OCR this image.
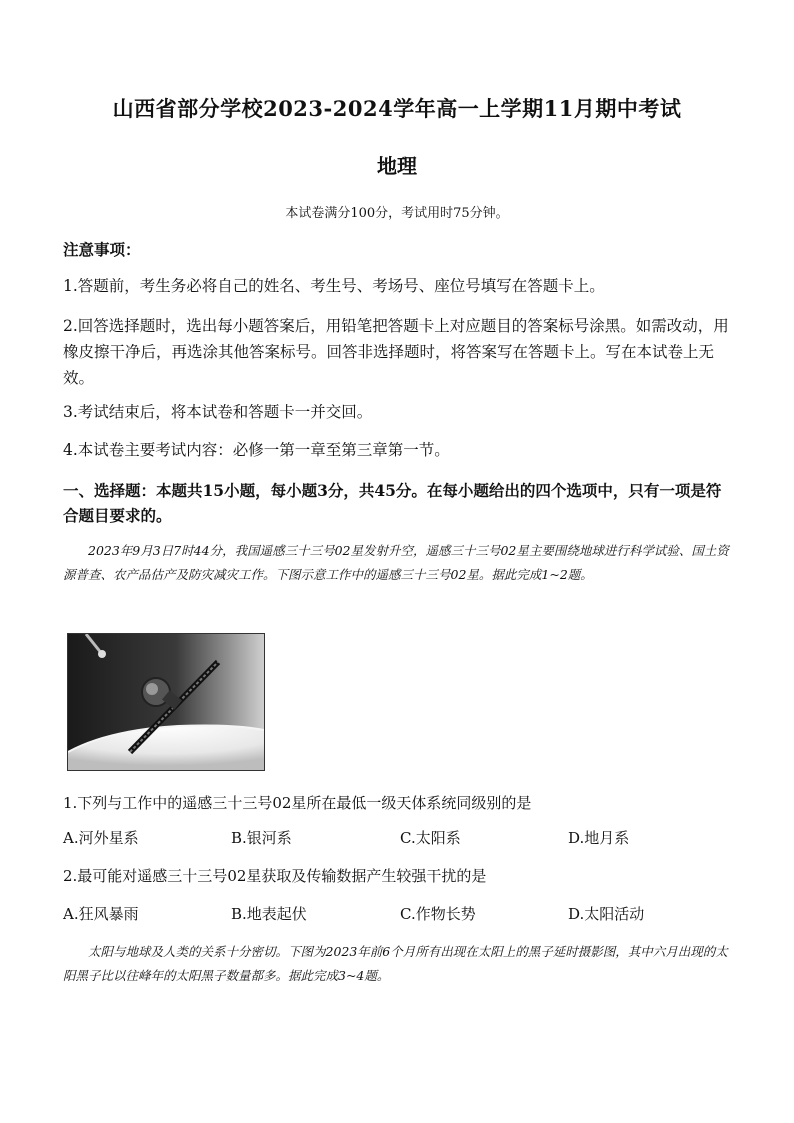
山西省部分学校2023-2024学年高一上学期11月期中考试
地理
本试卷满分100分，考试用时75分钟。
注意事项：
1.答题前，考生务必将自己的姓名、考生号、考场号、座位号填写在答题卡上。
2.回答选择题时，选出每小题答案后，用铅笔把答题卡上对应题目的答案标号涂黑。如需改动，用橡皮擦干净后，再选涂其他答案标号。回答非选择题时，将答案写在答题卡上。写在本试卷上无效。
3.考试结束后，将本试卷和答题卡一并交回。
4.本试卷主要考试内容：必修一第一章至第三章第一节。
一、选择题：本题共15小题，每小题3分，共45分。在每小题给出的四个选项中，只有一项是符合题目要求的。
2023年9月3日7时44分，我国遥感三十三号02星发射升空，遥感三十三号02星主要围绕地球进行科学试验、国土资源普查、农产品估产及防灾减灾工作。下图示意工作中的遥感三十三号02星。据此完成1~2题。
1.下列与工作中的遥感三十三号02星所在最低一级天体系统同级别的是
A.河外星系	B.银河系	C.太阳系	D.地月系
2.最可能对遥感三十三号02星获取及传输数据产生较强干扰的是
A.狂风暴雨	B.地表起伏	C.作物长势	D.太阳活动
太阳与地球及人类的关系十分密切。下图为2023年前6个月所有出现在太阳上的黑子延时摄影图，其中六月出现的太阳黑子比以往峰年的太阳黑子数量都多。据此完成3~4题。
